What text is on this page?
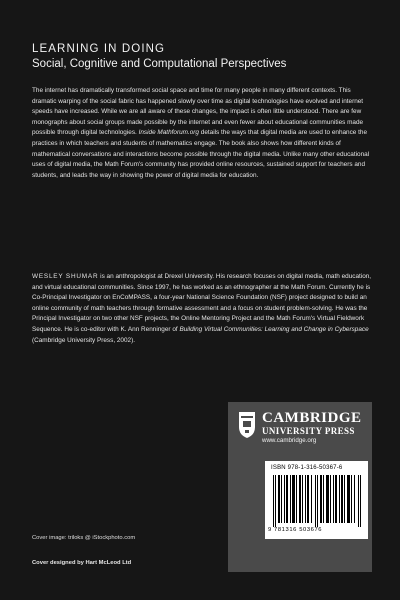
LEARNING IN DOING
Social, Cognitive and Computational Perspectives

The internet has dramatically transformed social space and time for many people in many different contexts. This dramatic warping of the social fabric has happened slowly over time as digital technologies have evolved and internet speeds have increased. While we are all aware of these changes, the impact is often little understood. There are few monographs about social groups made possible by the internet and even fewer about educational communities made possible through digital technologies. Inside Mathforum.org details the ways that digital media are used to enhance the practices in which teachers and students of mathematics engage. The book also shows how different kinds of mathematical conversations and interactions become possible through the digital media. Unlike many other educational uses of digital media, the Math Forum's community has provided online resources, sustained support for teachers and students, and leads the way in showing the power of digital media for education.

WESLEY SHUMAR is an anthropologist at Drexel University. His research focuses on digital media, math education, and virtual educational communities. Since 1997, he has worked as an ethnographer at the Math Forum. Currently he is Co-Principal Investigator on EnCoMPASS, a four-year National Science Foundation (NSF) project designed to build an online community of math teachers through formative assessment and a focus on student problem-solving. He was the Principal Investigator on two other NSF projects, the Online Mentoring Project and the Math Forum's Virtual Fieldwork Sequence. He is co-editor with K. Ann Renninger of Building Virtual Communities: Learning and Change in Cyberspace (Cambridge University Press, 2002).

CAMBRIDGE
UNIVERSITY PRESS
www.cambridge.org
ISBN 978-1-316-50367-6
9 781316 503676
Cover image: triloks @ iStockphoto.com
Cover designed by Hart McLeod Ltd
